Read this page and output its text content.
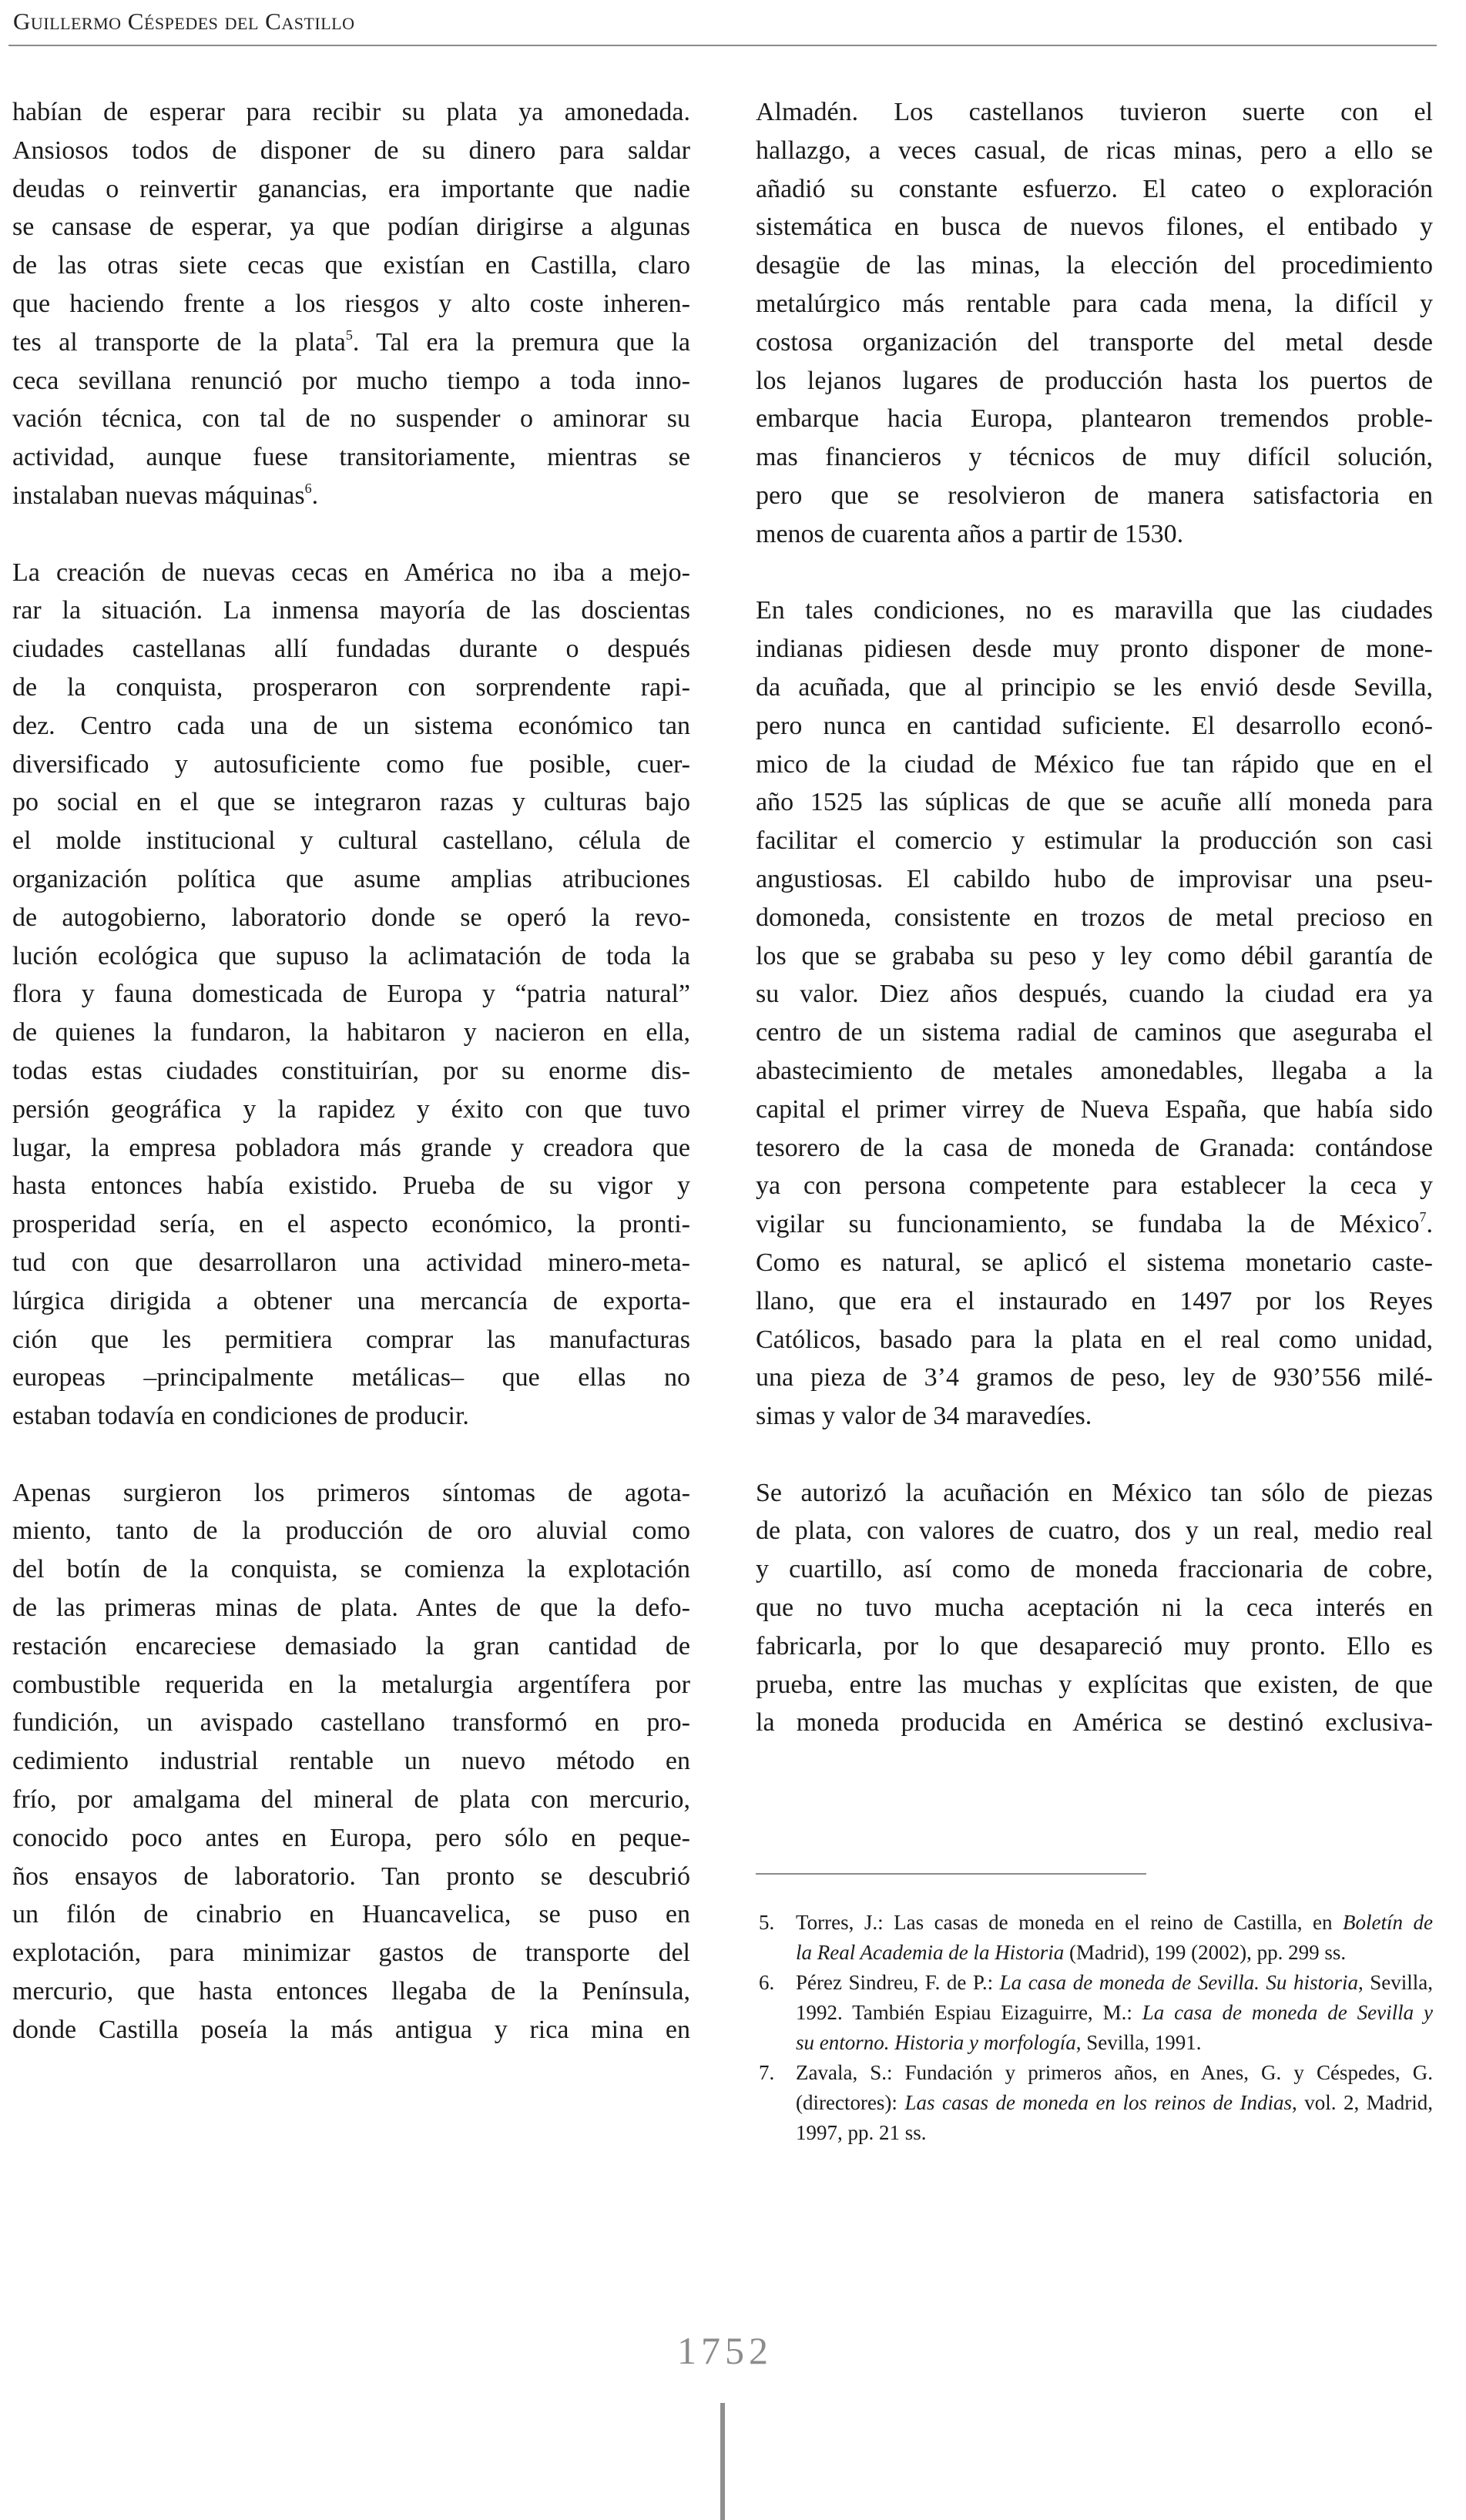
Guillermo Céspedes del Castillo
habían de esperar para recibir su plata ya amonedada.
Ansiosos todos de disponer de su dinero para saldar
deudas o reinvertir ganancias, era importante que nadie
se cansase de esperar, ya que podían dirigirse a algunas
de las otras siete cecas que existían en Castilla, claro
que haciendo frente a los riesgos y alto coste inheren-
tes al transporte de la plata$^5$. Tal era la premura que la
ceca sevillana renunció por mucho tiempo a toda inno-
vación técnica, con tal de no suspender o aminorar su
actividad, aunque fuese transitoriamente, mientras se
instalaban nuevas máquinas$^6$.
La creación de nuevas cecas en América no iba a mejo-
rar la situación. La inmensa mayoría de las doscientas
ciudades castellanas allí fundadas durante o después
de la conquista, prosperaron con sorprendente rapi-
dez. Centro cada una de un sistema económico tan
diversificado y autosuficiente como fue posible, cuer-
po social en el que se integraron razas y culturas bajo
el molde institucional y cultural castellano, célula de
organización política que asume amplias atribuciones
de autogobierno, laboratorio donde se operó la revo-
lución ecológica que supuso la aclimatación de toda la
flora y fauna domesticada de Europa y “patria natural”
de quienes la fundaron, la habitaron y nacieron en ella,
todas estas ciudades constituirían, por su enorme dis-
persión geográfica y la rapidez y éxito con que tuvo
lugar, la empresa pobladora más grande y creadora que
hasta entonces había existido. Prueba de su vigor y
prosperidad sería, en el aspecto económico, la pronti-
tud con que desarrollaron una actividad minero-meta-
lúrgica dirigida a obtener una mercancía de exporta-
ción que les permitiera comprar las manufacturas
europeas –principalmente metálicas– que ellas no
estaban todavía en condiciones de producir.
Apenas surgieron los primeros síntomas de agota-
miento, tanto de la producción de oro aluvial como
del botín de la conquista, se comienza la explotación
de las primeras minas de plata. Antes de que la defo-
restación encareciese demasiado la gran cantidad de
combustible requerida en la metalurgia argentífera por
fundición, un avispado castellano transformó en pro-
cedimiento industrial rentable un nuevo método en
frío, por amalgama del mineral de plata con mercurio,
conocido poco antes en Europa, pero sólo en peque-
ños ensayos de laboratorio. Tan pronto se descubrió
un filón de cinabrio en Huancavelica, se puso en
explotación, para minimizar gastos de transporte del
mercurio, que hasta entonces llegaba de la Península,
donde Castilla poseía la más antigua y rica mina en
Almadén. Los castellanos tuvieron suerte con el
hallazgo, a veces casual, de ricas minas, pero a ello se
añadió su constante esfuerzo. El cateo o exploración
sistemática en busca de nuevos filones, el entibado y
desagüe de las minas, la elección del procedimiento
metalúrgico más rentable para cada mena, la difícil y
costosa organización del transporte del metal desde
los lejanos lugares de producción hasta los puertos de
embarque hacia Europa, plantearon tremendos proble-
mas financieros y técnicos de muy difícil solución,
pero que se resolvieron de manera satisfactoria en
menos de cuarenta años a partir de 1530.
En tales condiciones, no es maravilla que las ciudades
indianas pidiesen desde muy pronto disponer de mone-
da acuñada, que al principio se les envió desde Sevilla,
pero nunca en cantidad suficiente. El desarrollo econó-
mico de la ciudad de México fue tan rápido que en el
año 1525 las súplicas de que se acuñe allí moneda para
facilitar el comercio y estimular la producción son casi
angustiosas. El cabildo hubo de improvisar una pseu-
domoneda, consistente en trozos de metal precioso en
los que se grababa su peso y ley como débil garantía de
su valor. Diez años después, cuando la ciudad era ya
centro de un sistema radial de caminos que aseguraba el
abastecimiento de metales amonedables, llegaba a la
capital el primer virrey de Nueva España, que había sido
tesorero de la casa de moneda de Granada: contándose
ya con persona competente para establecer la ceca y
vigilar su funcionamiento, se fundaba la de México$^7$.
Como es natural, se aplicó el sistema monetario caste-
llano, que era el instaurado en 1497 por los Reyes
Católicos, basado para la plata en el real como unidad,
una pieza de 3’4 gramos de peso, ley de 930’556 milé-
simas y valor de 34 maravedíes.
Se autorizó la acuñación en México tan sólo de piezas
de plata, con valores de cuatro, dos y un real, medio real
y cuartillo, así como de moneda fraccionaria de cobre,
que no tuvo mucha aceptación ni la ceca interés en
fabricarla, por lo que desapareció muy pronto. Ello es
prueba, entre las muchas y explícitas que existen, de que
la moneda producida en América se destinó exclusiva-
5. Torres, J.: Las casas de moneda en el reino de Castilla, en Boletín de
la Real Academia de la Historia (Madrid), 199 (2002), pp. 299 ss.
6. Pérez Sindreu, F. de P.: La casa de moneda de Sevilla. Su historia, Sevilla,
1992. También Espiau Eizaguirre, M.: La casa de moneda de Sevilla y
su entorno. Historia y morfología, Sevilla, 1991.
7. Zavala, S.: Fundación y primeros años, en Anes, G. y Céspedes, G.
(directores): Las casas de moneda en los reinos de Indias, vol. 2, Madrid,
1997, pp. 21 ss.
1752
